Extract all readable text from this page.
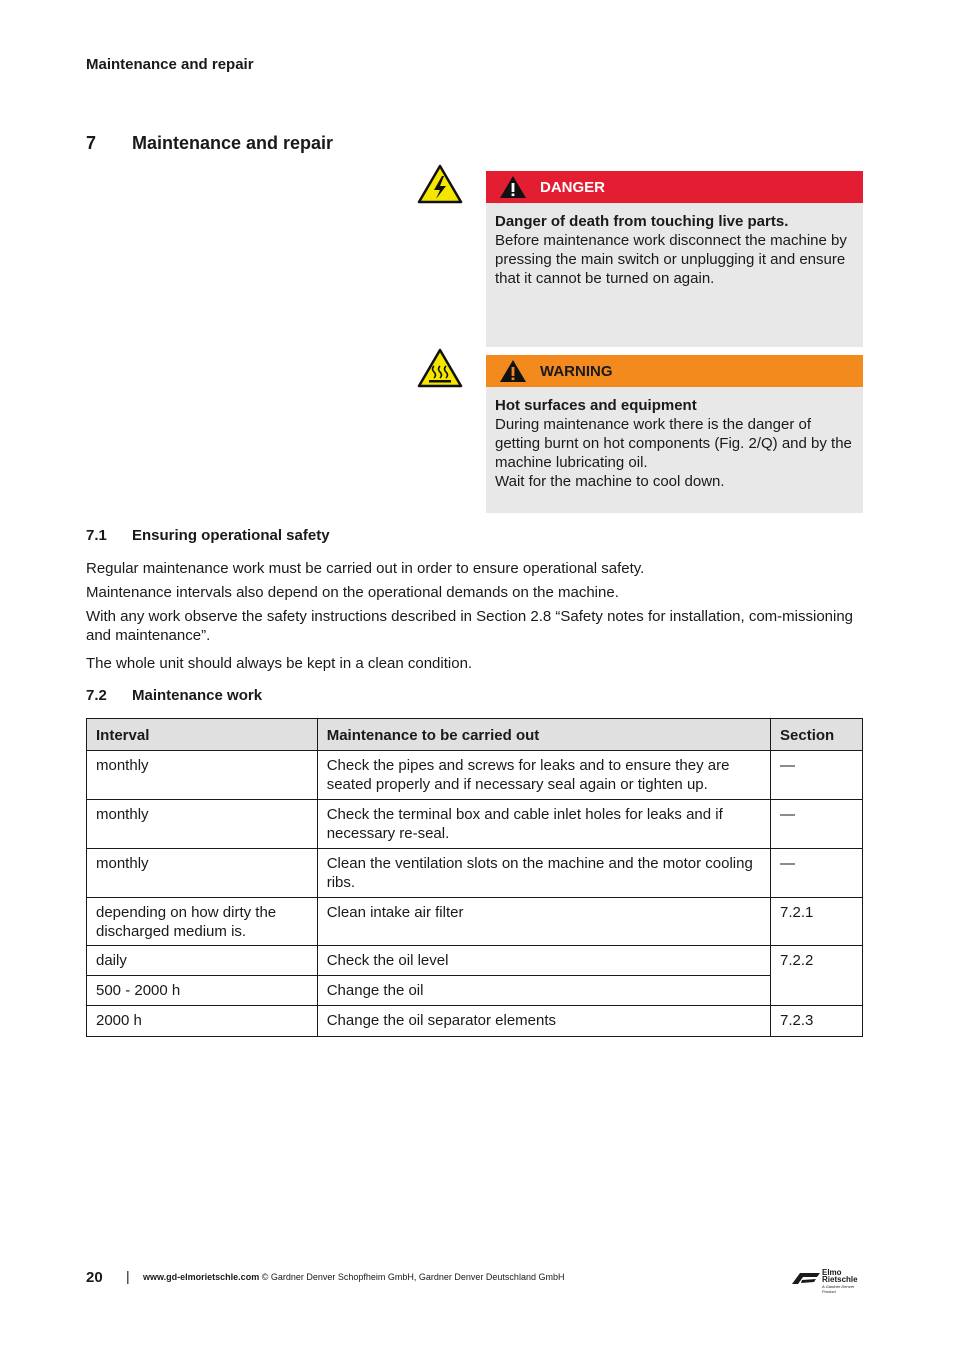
Maintenance and repair
7 Maintenance and repair
DANGER
Danger of death from touching live parts.
Before maintenance work disconnect the machine by pressing the main switch or unplugging it and ensure that it cannot be turned on again.
WARNING
Hot surfaces and equipment
During maintenance work there is the danger of getting burnt on hot components (Fig. 2/Q) and by the machine lubricating oil.
Wait for the machine to cool down.
7.1 Ensuring operational safety
Regular maintenance work must be carried out in order to ensure operational safety.
Maintenance intervals also depend on the operational demands on the machine.
With any work observe the safety instructions described in Section 2.8 “Safety notes for installation, com-missioning and maintenance”.
The whole unit should always be kept in a clean condition.
7.2 Maintenance work
Interval	Maintenance to be carried out	Section
monthly	Check the pipes and screws for leaks and to ensure they are seated properly and if necessary seal again or tighten up.	—
monthly	Check the terminal box and cable inlet holes for leaks and if necessary re-seal.	—
monthly	Clean the ventilation slots on the machine and the motor cooling ribs.	—
depending on how dirty the discharged medium is.	Clean intake air filter	7.2.1
daily	Check the oil level	7.2.2
500 - 2000 h	Change the oil	
2000 h	Change the oil separator elements	7.2.3
20 | www.gd-elmorietschle.com © Gardner Denver Schopfheim GmbH, Gardner Denver Deutschland GmbH	Elmo
Rietschle
A Gardner Denver Product
